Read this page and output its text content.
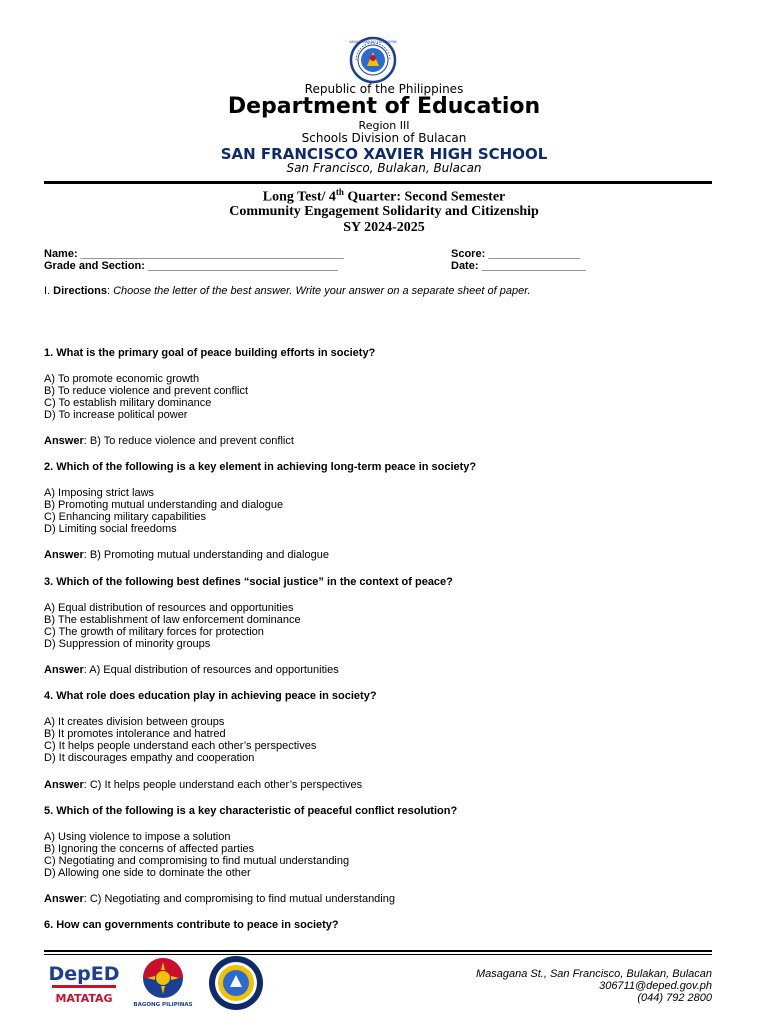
KAGAWARAN NG EDUKASYON
Republic of the Philippines
Department of Education
Region III
Schools Division of Bulacan
SAN FRANCISCO XAVIER HIGH SCHOOL
San Francisco, Bulakan, Bulacan
Long Test/ 4th Quarter: Second Semester
Community Engagement Solidarity and Citizenship
SY 2024-2025
Name: ___________________________________________
Grade and Section: _______________________________
Score: _______________
Date: _________________
I. Directions: Choose the letter of the best answer. Write your answer on a separate sheet of paper.
1. What is the primary goal of peace building efforts in society?
A) To promote economic growth
B) To reduce violence and prevent conflict
C) To establish military dominance
D) To increase political power
Answer: B) To reduce violence and prevent conflict
2. Which of the following is a key element in achieving long-term peace in society?
A) Imposing strict laws
B) Promoting mutual understanding and dialogue
C) Enhancing military capabilities
D) Limiting social freedoms
Answer: B) Promoting mutual understanding and dialogue
3. Which of the following best defines “social justice” in the context of peace?
A) Equal distribution of resources and opportunities
B) The establishment of law enforcement dominance
C) The growth of military forces for protection
D) Suppression of minority groups
Answer: A) Equal distribution of resources and opportunities
4. What role does education play in achieving peace in society?
A) It creates division between groups
B) It promotes intolerance and hatred
C) It helps people understand each other’s perspectives
D) It discourages empathy and cooperation
Answer: C) It helps people understand each other’s perspectives
5. Which of the following is a key characteristic of peaceful conflict resolution?
A) Using violence to impose a solution
B) Ignoring the concerns of affected parties
C) Negotiating and compromising to find mutual understanding
D) Allowing one side to dominate the other
Answer: C) Negotiating and compromising to find mutual understanding
6. How can governments contribute to peace in society?
DepED
MATATAG	BAGONG PILIPINAS
Masagana St., San Francisco, Bulakan, Bulacan
306711@deped.gov.ph
(044) 792 2800
